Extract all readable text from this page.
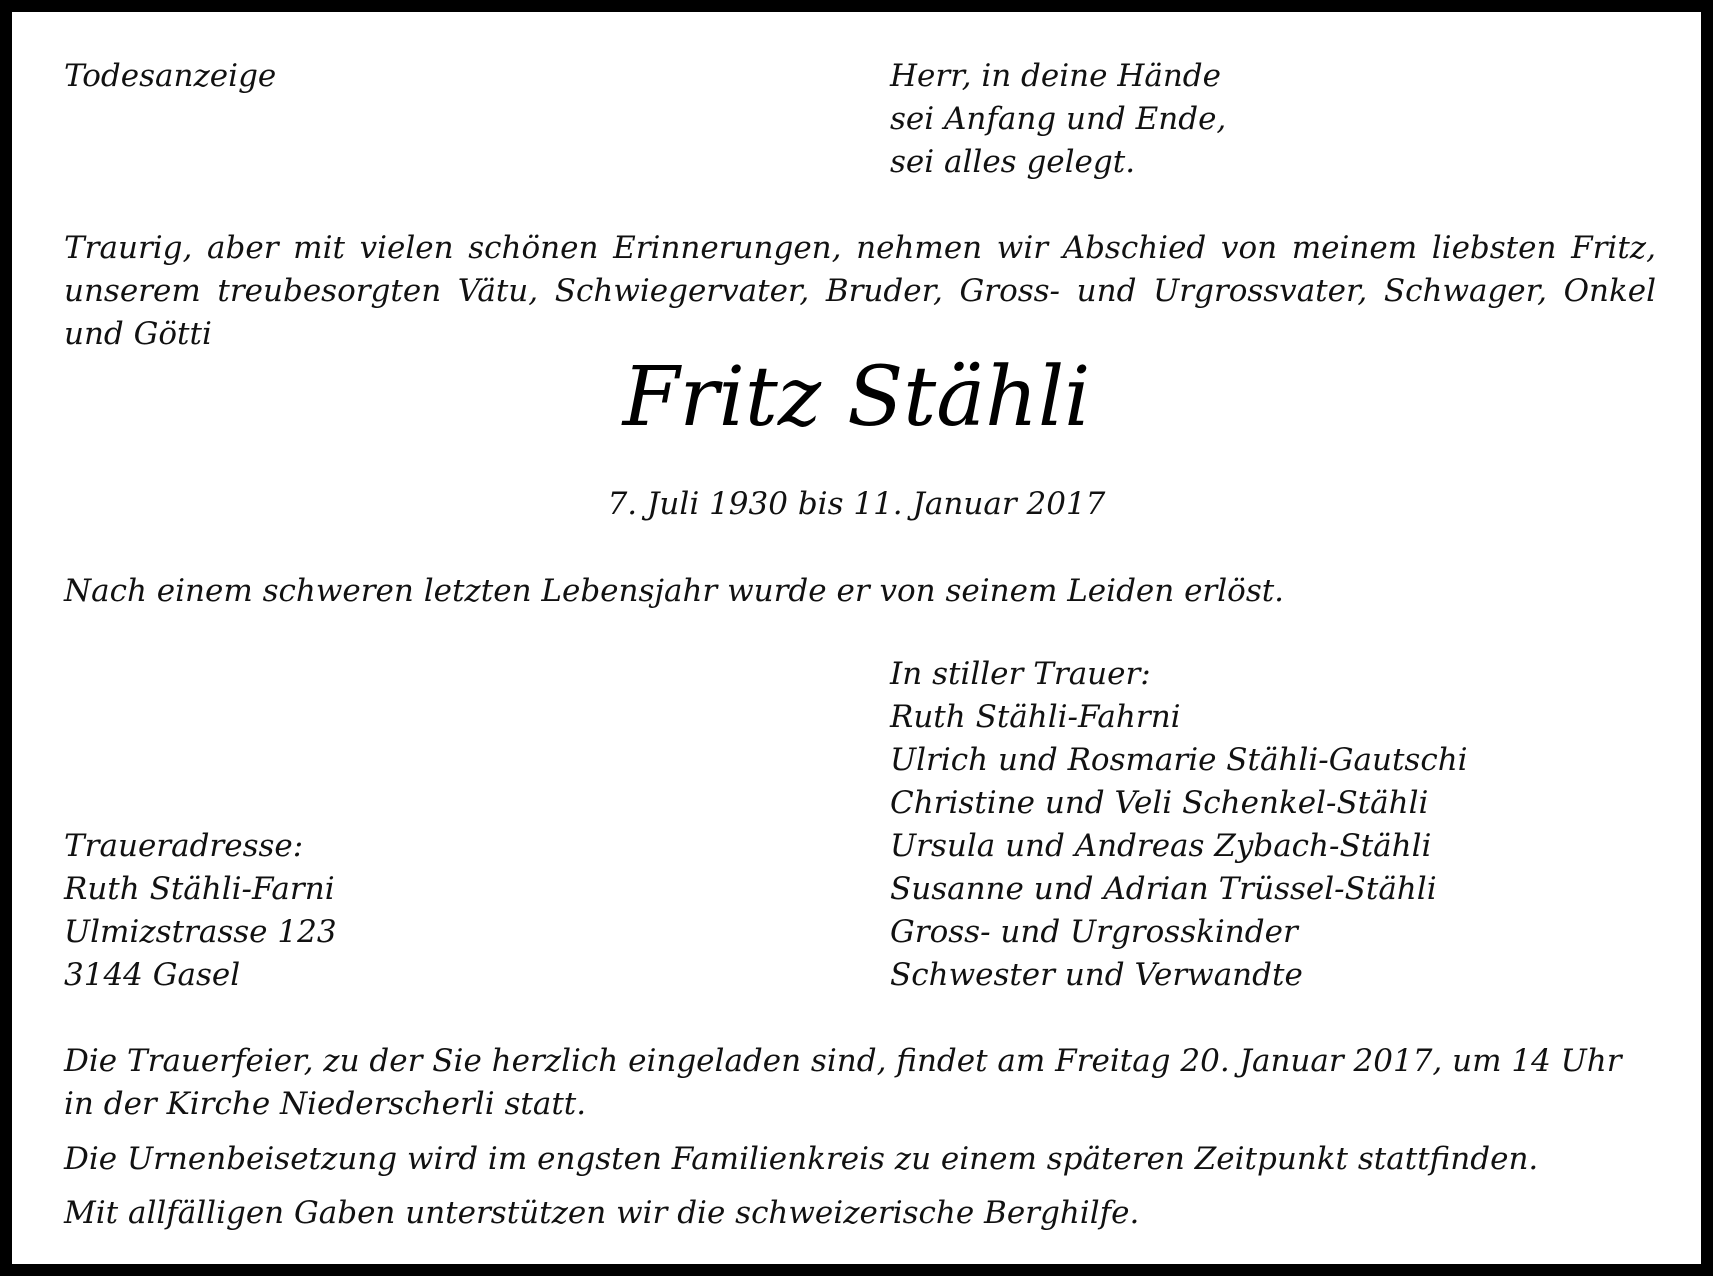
Todesanzeige	Herr, in deine Hände
sei Anfang und Ende,
sei alles gelegt.

Traurig, aber mit vielen schönen Erinnerungen, nehmen wir Abschied von meinem liebsten Fritz, unserem treubesorgten Vätu, Schwiegervater, Bruder, Gross- und Urgrossvater, Schwager, Onkel und Götti

Fritz Stähli

7. Juli 1930 bis 11. Januar 2017

Nach einem schweren letzten Lebensjahr wurde er von seinem Leiden erlöst.

In stiller Trauer:
Ruth Stähli-Fahrni
Ulrich und Rosmarie Stähli-Gautschi
Christine und Veli Schenkel-Stähli
Ursula und Andreas Zybach-Stähli
Susanne und Adrian Trüssel-Stähli
Gross- und Urgrosskinder
Schwester und Verwandte
Traueradresse:
Ruth Stähli-Farni
Ulmizstrasse 123
3144 Gasel

Die Trauerfeier, zu der Sie herzlich eingeladen sind, findet am Freitag 20. Januar 2017, um 14 Uhr in der Kirche Niederscherli statt.

Die Urnenbeisetzung wird im engsten Familienkreis zu einem späteren Zeitpunkt stattfinden.

Mit allfälligen Gaben unterstützen wir die schweizerische Berghilfe.
